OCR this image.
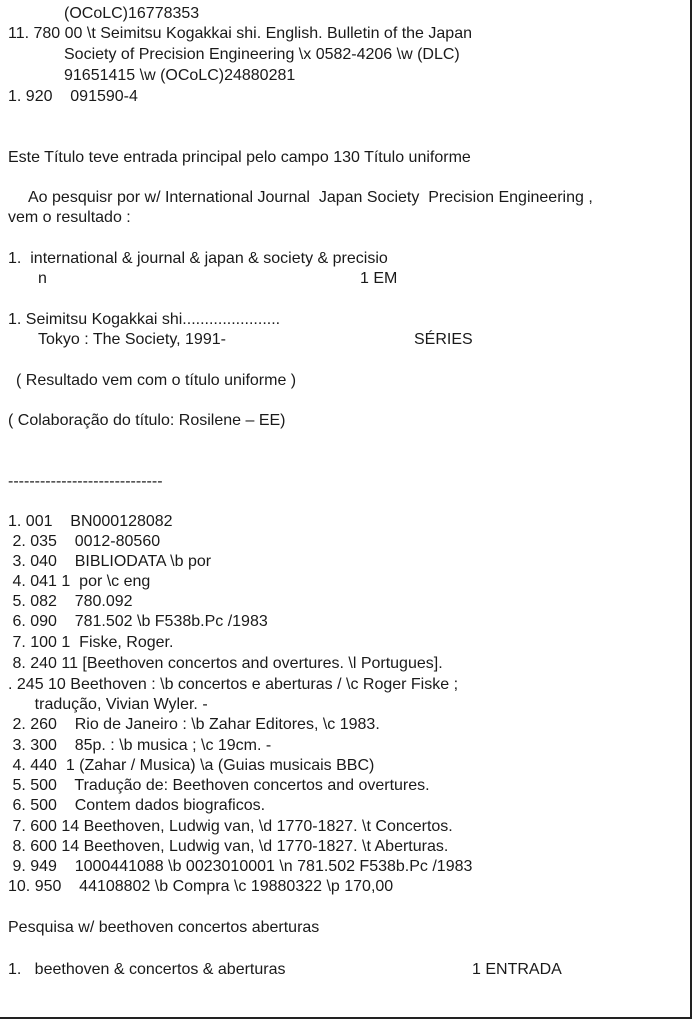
(OCoLC)16778353
11. 780 00 \t Seimitsu Kogakkai shi. English. Bulletin of the Japan
Society of Precision Engineering \x 0582-4206 \w (DLC)
91651415 \w (OCoLC)24880281
1. 920    091590-4
Este Título teve entrada principal pelo campo 130 Título uniforme
Ao pesquisr por w/ International Journal  Japan Society  Precision Engineering ,
vem o resultado :
1.  international & journal & japan & society & precisio
n	1 EM
1. Seimitsu Kogakkai shi......................
Tokyo : The Society, 1991-	SÉRIES
( Resultado vem com o título uniforme )
( Colaboração do título: Rosilene – EE)
-----------------------------
1. 001    BN000128082
2. 035    0012-80560
3. 040    BIBLIODATA \b por
4. 041 1  por \c eng
5. 082    780.092
6. 090    781.502 \b F538b.Pc /1983
7. 100 1  Fiske, Roger.
8. 240 11 [Beethoven concertos and overtures. \l Portugues].
. 245 10 Beethoven : \b concertos e aberturas / \c Roger Fiske ;
tradução, Vivian Wyler. -
2. 260    Rio de Janeiro : \b Zahar Editores, \c 1983.
3. 300    85p. : \b musica ; \c 19cm. -
4. 440  1 (Zahar / Musica) \a (Guias musicais BBC)
5. 500    Tradução de: Beethoven concertos and overtures.
6. 500    Contem dados biograficos.
7. 600 14 Beethoven, Ludwig van, \d 1770-1827. \t Concertos.
8. 600 14 Beethoven, Ludwig van, \d 1770-1827. \t Aberturas.
9. 949    1000441088 \b 0023010001 \n 781.502 F538b.Pc /1983
10. 950    44108802 \b Compra \c 19880322 \p 170,00
Pesquisa w/ beethoven concertos aberturas
1.   beethoven & concertos & aberturas	1 ENTRADA
